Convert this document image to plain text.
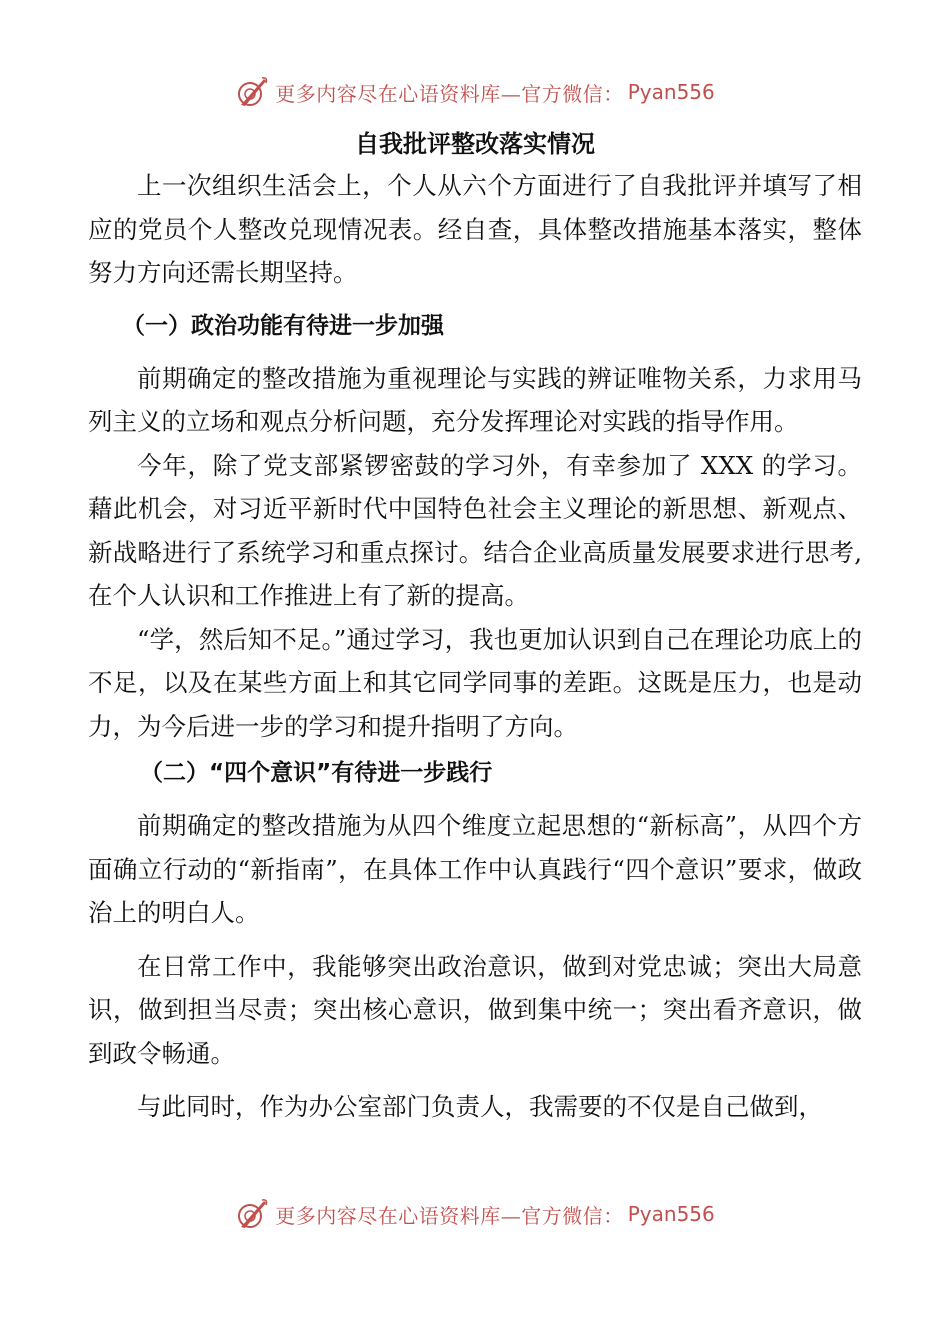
更多内容尽在心语资料库—官方微信： Pyan556
自我批评整改落实情况

上一次组织生活会上，个人从六个方面进行了自我批评并填写了相应的党员个人整改兑现情况表。经自查，具体整改措施基本落实，整体努力方向还需长期坚持。

（一）政治功能有待进一步加强

前期确定的整改措施为重视理论与实践的辨证唯物关系，力求用马列主义的立场和观点分析问题，充分发挥理论对实践的指导作用。

今年，除了党支部紧锣密鼓的学习外，有幸参加了 XXX 的学习。藉此机会，对习近平新时代中国特色社会主义理论的新思想、新观点、新战略进行了系统学习和重点探讨。结合企业高质量发展要求进行思考,在个人认识和工作推进上有了新的提高。

“学，然后知不足。”通过学习，我也更加认识到自己在理论功底上的不足，以及在某些方面上和其它同学同事的差距。这既是压力，也是动力，为今后进一步的学习和提升指明了方向。

（二）“四个意识”有待进一步践行

前期确定的整改措施为从四个维度立起思想的“新标高”，从四个方面确立行动的“新指南”，在具体工作中认真践行“四个意识”要求，做政治上的明白人。

在日常工作中，我能够突出政治意识，做到对党忠诚；突出大局意识，做到担当尽责；突出核心意识，做到集中统一；突出看齐意识，做到政令畅通。

与此同时，作为办公室部门负责人，我需要的不仅是自己做到，

更多内容尽在心语资料库—官方微信： Pyan556
